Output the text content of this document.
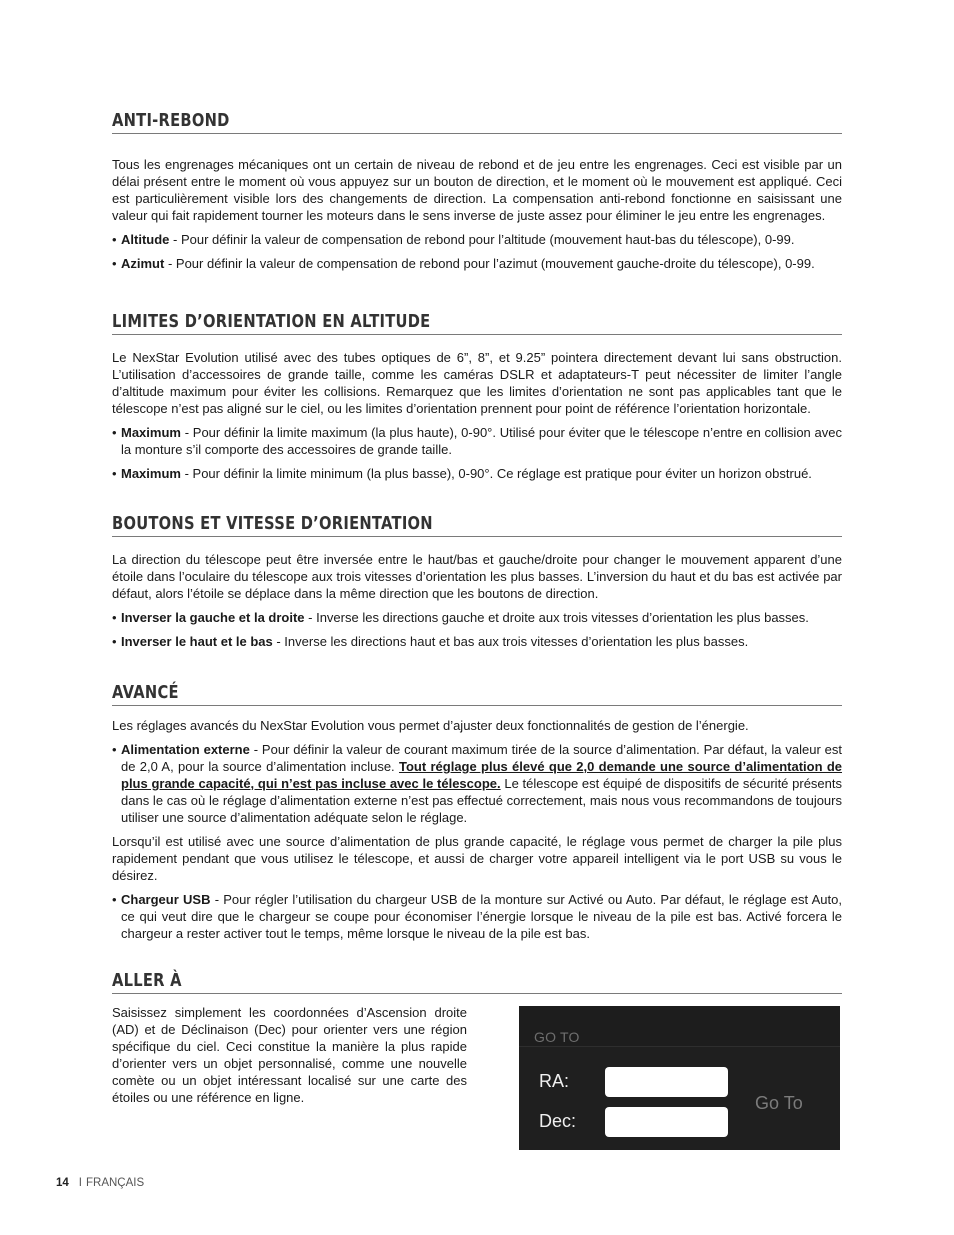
ANTI-REBOND

Tous les engrenages mécaniques ont un certain de niveau de rebond et de jeu entre les engrenages. Ceci est visible par un délai présent entre le moment où vous appuyez sur un bouton de direction, et le moment où le mouvement est appliqué. Ceci est particulièrement visible lors des changements de direction. La compensation anti-rebond fonctionne en saisissant une valeur qui fait rapidement tourner les moteurs dans le sens inverse de juste assez pour éliminer le jeu entre les engrenages.

• Altitude - Pour définir la valeur de compensation de rebond pour l’altitude (mouvement haut-bas du télescope), 0-99.
• Azimut - Pour définir la valeur de compensation de rebond pour l’azimut (mouvement gauche-droite du télescope), 0-99.
LIMITES D’ORIENTATION EN ALTITUDE

Le NexStar Evolution utilisé avec des tubes optiques de 6”, 8”, et 9.25” pointera directement devant lui sans obstruction. L’utilisation d’accessoires de grande taille, comme les caméras DSLR et adaptateurs-T peut nécessiter de limiter l’angle d’altitude maximum pour éviter les collisions. Remarquez que les limites d’orientation ne sont pas applicables tant que le télescope n’est pas aligné sur le ciel, ou les limites d’orientation prennent pour point de référence l’orientation horizontale.

• Maximum - Pour définir la limite maximum (la plus haute), 0-90°. Utilisé pour éviter que le télescope n’entre en collision avec la monture s’il comporte des accessoires de grande taille.
• Maximum - Pour définir la limite minimum (la plus basse), 0-90°. Ce réglage est pratique pour éviter un horizon obstrué.
BOUTONS ET VITESSE D’ORIENTATION

La direction du télescope peut être inversée entre le haut/bas et gauche/droite pour changer le mouvement apparent d’une étoile dans l’oculaire du télescope aux trois vitesses d’orientation les plus basses. L’inversion du haut et du bas est activée par défaut, alors l’étoile se déplace dans la même direction que les boutons de direction.

• Inverser la gauche et la droite - Inverse les directions gauche et droite aux trois vitesses d’orientation les plus basses.
• Inverser le haut et le bas - Inverse les directions haut et bas aux trois vitesses d’orientation les plus basses.
AVANCÉ

Les réglages avancés du NexStar Evolution vous permet d’ajuster deux fonctionnalités de gestion de l’énergie.

• Alimentation externe - Pour définir la valeur de courant maximum tirée de la source d’alimentation. Par défaut, la valeur est de 2,0 A, pour la source d’alimentation incluse. Tout réglage plus élevé que 2,0 demande une source d’alimentation de plus grande capacité, qui n’est pas incluse avec le télescope. Le télescope est équipé de dispositifs de sécurité présents dans le cas où le réglage d’alimentation externe n’est pas effectué correctement, mais nous vous recommandons de toujours utiliser une source d’alimentation adéquate selon le réglage.

Lorsqu’il est utilisé avec une source d’alimentation de plus grande capacité, le réglage vous permet de charger la pile plus rapidement pendant que vous utilisez le télescope, et aussi de charger votre appareil intelligent via le port USB su vous le désirez.

• Chargeur USB - Pour régler l’utilisation du chargeur USB de la monture sur Activé ou Auto. Par défaut, le réglage est Auto, ce qui veut dire que le chargeur se coupe pour économiser l’énergie lorsque le niveau de la pile est bas. Activé forcera le chargeur a rester activer tout le temps, même lorsque le niveau de la pile est bas.
ALLER À

Saisissez simplement les coordonnées d’Ascension droite (AD) et de Déclinaison (Dec) pour orienter vers une région spécifique du ciel. Ceci constitue la manière la plus rapide d’orienter vers un objet personnalisé, comme une nouvelle comète ou un objet intéressant localisé sur une carte des étoiles ou une référence en ligne.

GO TO
RA:
Dec:
Go To
14 I FRANÇAIS
